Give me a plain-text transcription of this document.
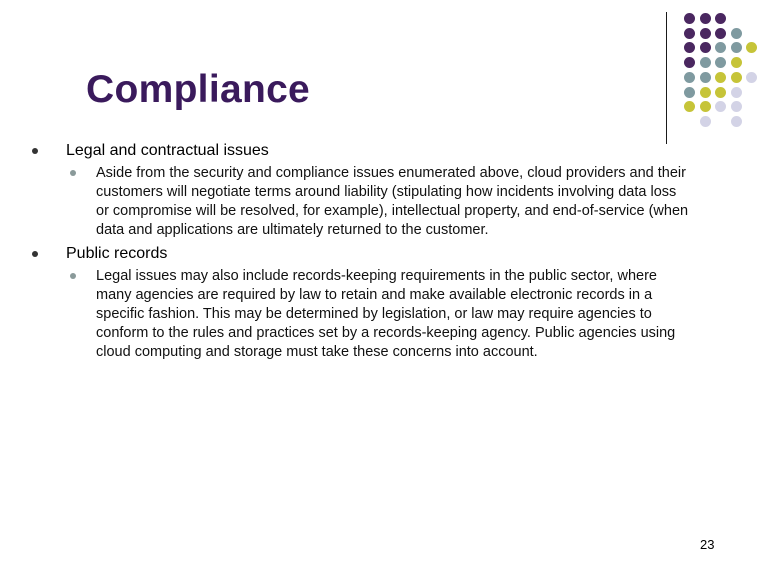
Compliance
Legal and contractual issues
Aside from the security and compliance issues enumerated above, cloud providers and their customers will negotiate terms around liability (stipulating how incidents involving data loss or compromise will be resolved, for example), intellectual property, and end-of-service (when data and applications are ultimately returned to the customer.
Public records
Legal issues may also include records-keeping requirements in the public sector, where many agencies are required by law to retain and make available electronic records in a specific fashion. This may be determined by legislation, or law may require agencies to conform to the rules and practices set by a records-keeping agency. Public agencies using cloud computing and storage must take these concerns into account.
23
